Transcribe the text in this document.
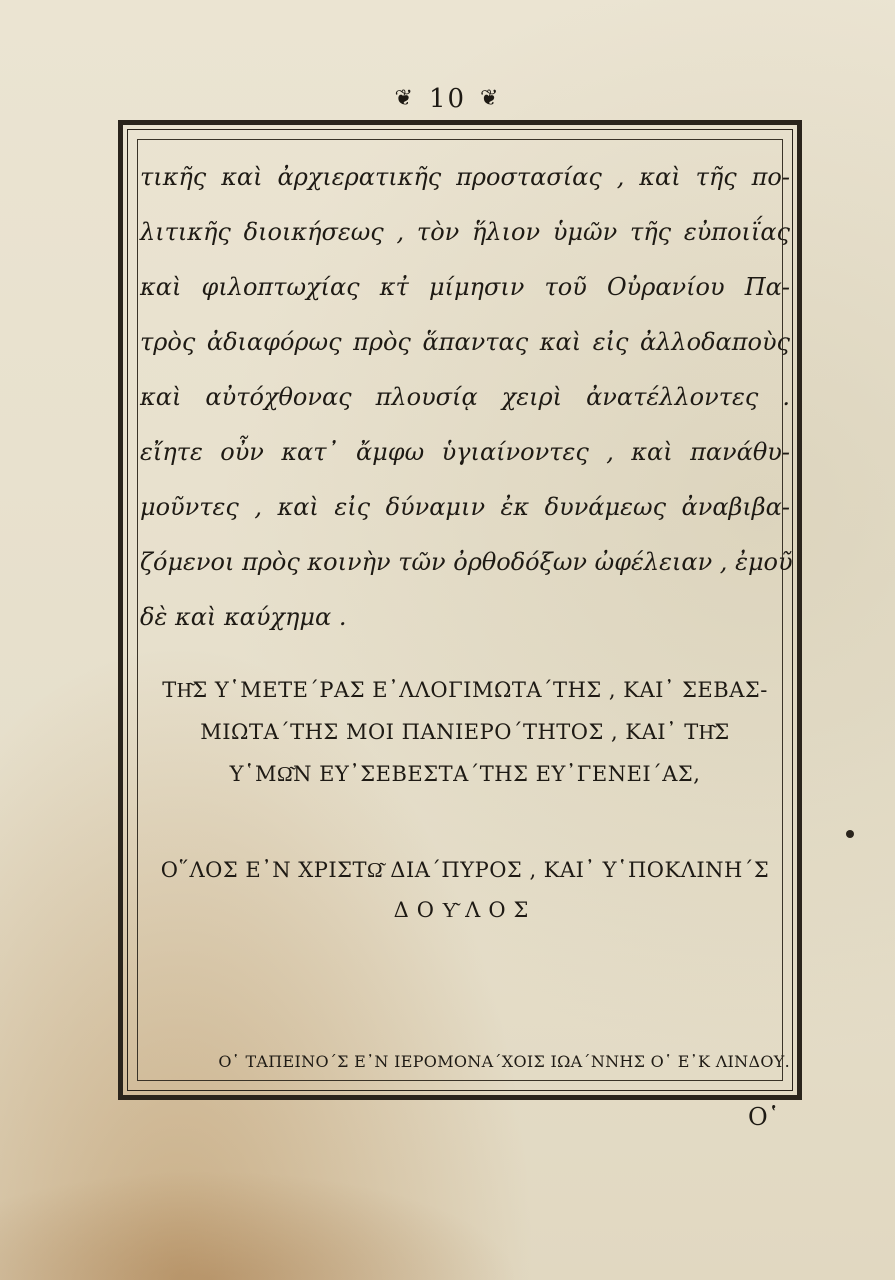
❦ 10 ❦
τικῆς καὶ ἀρχιερατικῆς προστασίας , καὶ τῆς πο-
λιτικῆς διοικήσεως , τὸν ἥλιον ὑμῶν τῆς εὐποιΐας
καὶ φιλοπτωχίας κτ̓ μίμησιν τοῦ Οὐρανίου Πα-
τρὸς ἀδιαφόρως πρὸς ἅπαντας καὶ εἰς ἀλλοδαποὺς
καὶ αὐτόχθονας πλουσίᾳ χειρὶ ἀνατέλλοντες .
εἴητε οὖν κατ᾽ ἄμφω ὑγιαίνοντες , καὶ πανάθυ-
μοῦντες , καὶ εἰς δύναμιν ἐκ δυνάμεως ἀναβιβα-
ζόμενοι πρὸς κοινὴν τῶν ὀρθοδόξων ὠφέλειαν , ἐμοῦ
δὲ καὶ καύχημα .
ΤΗ͂Σ Υ῾ΜΕΤΕ΄ΡΑΣ Ε᾿ΛΛΟΓΙΜΩΤΑ΄ΤΗΣ , ΚΑΙ᾿ ΣΕΒΑΣ-
ΜΙΩΤΑ΄ΤΗΣ ΜΟΙ ΠΑΝΙΕΡΟ΄ΤΗΤΟΣ , ΚΑΙ᾿ ΤΗ͂Σ
Υ῾ΜΩ͂Ν ΕΥ᾿ΣΕΒΕΣΤΑ΄ΤΗΣ ΕΥ᾿ΓΕΝΕΙ΄ΑΣ,
Ο῞ΛΟΣ Ε᾿Ν ΧΡΙΣΤΩ͂ ΔΙΑ΄ΠΥΡΟΣ , ΚΑΙ᾿ Υ῾ΠΟΚΛΙΝΗ΄Σ
ΔΟΥ͂ΛΟΣ
Ο῾ ΤΑΠΕΙΝΟ΄Σ Ε᾿Ν ΙΕΡΟΜΟΝΑ΄ΧΟΙΣ ΙΩΑ΄ΝΝΗΣ Ο῾ Ε᾿Κ ΛΙΝΔΟΥ.
Ο῾
